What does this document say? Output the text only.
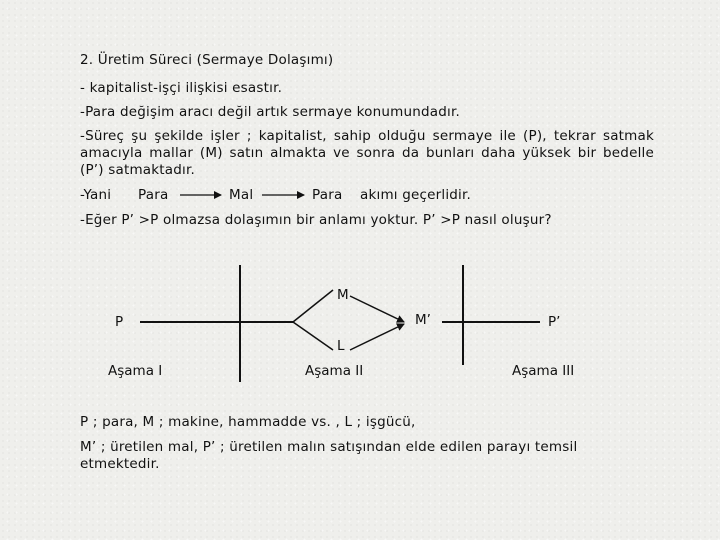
2. Üretim Süreci (Sermaye Dolaşımı)
- kapitalist-işçi ilişkisi esastır.
-Para değişim aracı değil artık sermaye konumundadır.
-Süreç şu şekilde işler ; kapitalist, sahip olduğu sermaye ile (P), tekrar satmak amacıyla mallar (M) satın almakta ve sonra da bunları daha yüksek bir bedelle (P’) satmaktadır.
-Yani Para	Mal	Para akımı geçerlidir.
-Eğer P’ >P olmazsa dolaşımın bir anlamı yoktur. P’ >P nasıl oluşur?
P
M
L
M’	P’
Aşama I	Aşama II	Aşama III
P ; para, M ; makine, hammadde vs. , L ; işgücü,
M’ ; üretilen mal, P’ ; üretilen malın satışından elde edilen parayı temsil
etmektedir.
